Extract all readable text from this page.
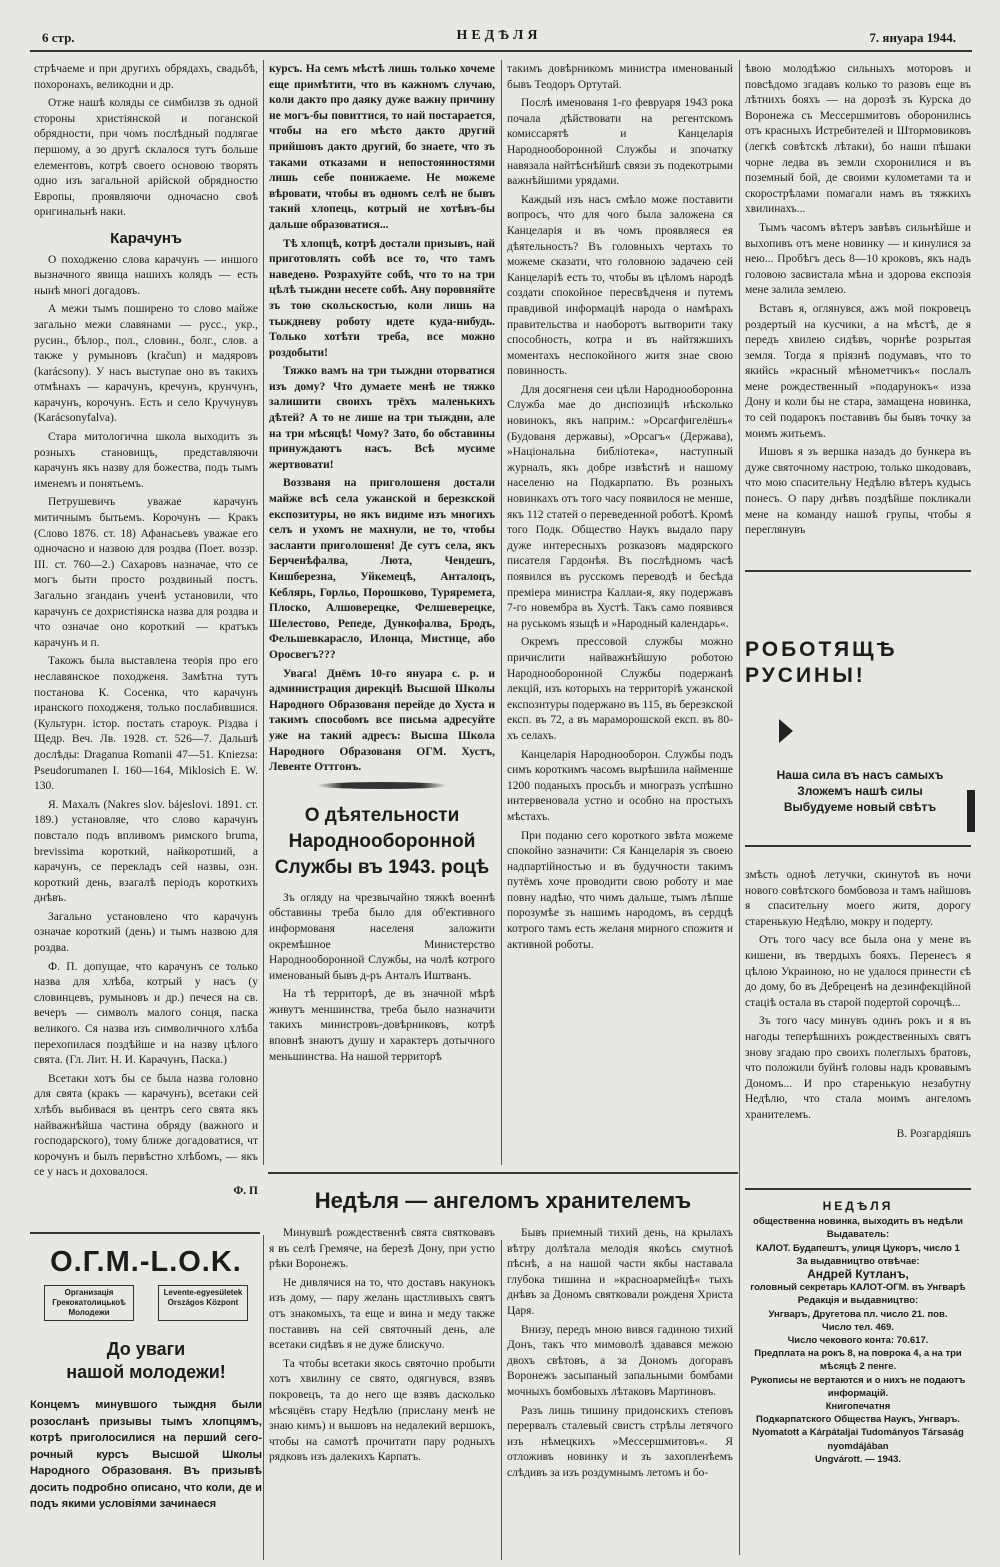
6 стр.	НЕДѢЛЯ	7. януара 1944.

стрѣчаеме и при другихъ обрядахъ, свадьбѣ, похоронахъ, великодни и др.

Отже нашѣ коляды се симбилзв зъ одной стороны христіянской и поганской обрядности, при чомъ послѣдный подлягае першому, а зо другѣ склалося тутъ больше елементовъ, котрѣ своего основою творять одно изъ загальной арійской обрядностю Европы, проявляючи одночасно своѣ оригинальнѣ наки.

Карачунъ

О походженю слова карачунъ — иншого вызначного явища нашихъ колядъ — есть нынѣ многі догадовъ.

А межи тымъ поширено то слово майже загально межи славянами — русс., укр., русин., бѣлор., пол., словин., болг., слов. а также у румыновъ (kračun) и мадяровъ (karácsony). У насъ выступае оно въ такихъ отмѣнахъ — карачунъ, кречунъ, крунчунъ, карачунъ, корочунъ. Есть и село Кручунувъ (Karácsonyfalva).

Стара митологична школа выходить зъ розныхъ становищъ, представляючи карачунъ якъ назву для божества, подъ тымъ именемъ и понятьемъ.

Петрушевичъ уважае карачунъ митичнымъ бытьемъ. Корочунъ — Кракъ (Слово 1876. ст. 18) Афанасьевъ уважае его одночасно и назвою для роздва (Поет. воззр. III. ст. 760—2.) Сахаровъ назначае, что се могъ быти просто роздвиный постъ. Загально зганданъ ученѣ установили, что карачунъ се дохристіянска назва для роздва и что означае оно короткий — кратъкъ карачунъ и п.

Такожъ была выставлена теорія про его неславянское походженя. Замѣтна тутъ постанова К. Сосенка, что карачунъ иранского походженя, только послабившися. (Культурн. істор. постать староук. Різдва і Щедр. Веч. Лв. 1928. ст. 526—7. Дальшѣ дослѣды: Draganua Romanii 47—51. Kniezsa: Pseudorumanen I. 160—164, Miklosich E. W. 130.

Я. Махалъ (Nakres slov. bájeslovi. 1891. ст. 189.) установляе, что слово карачунъ повстало подъ впливомъ римского bruma, brevissima короткий, найкоротший, а карачунъ, се перекладъ сей назвы, озн. короткий день, взагалѣ періодъ короткихъ днѣвъ.

Загально установлено что карачунъ означае короткий (день) и тымъ назвою для роздва.

Ф. П. допущае, что карачунъ се только назва для хлѣба, котрый у насъ (у словинцевъ, румыновъ и др.) печеся на св. вечеръ — символъ малого сонця, паска великого. Ся назва изъ симвoличного хлѣба перехопилася поздѣйше и на назву цѣлого свята. (Гл. Лит. Н. И. Карачунъ, Паска.)

Всетаки хотъ бы се была назва головно для свята (кракъ — карачунъ), всетаки сей хлѣбъ выбивася въ центръ сего свята якъ найважнѣйша частина обряду (важного и господарского), тому ближе догадоватися, чт корочунъ и былъ первѣстно хлѣбомъ, — якъ се у насъ и доховалося.

Ф. П

курсъ. На семъ мѣстѣ лишь только хочеме еще примѣтити, что въ кажномъ случаю, коли дакто про даяку дуже важну причину не могъ-бы повиттися, то най постарается, чтобы на его мѣсто дакто другий прийшовъ дакто другий, бо знаете, что зъ таками отказами и непостоянностями лишь себе понижаеме. Не можеме вѣровати, чтобы въ одномъ селѣ не бывъ такий хлопець, котрый не хотѣвъ-бы дальше образоватися...

Тѣ хлопцѣ, котрѣ достали призывъ, най приготовлять собѣ все то, что тамъ наведено. Розрахуйте собѣ, что то на три цѣлѣ тыждни несете собѣ. Ану поровняйте зъ тою скольскостью, коли лишь на тыждневу роботу идете куда-нибудь. Только хотѣти треба, все можно роздобыти!

Тяжко вамъ на три тыждни оторватися изъ дому? Что думаете менѣ не тяжко залишити своихъ трёхъ маленькихъ дѣтей? А то не лише на три тыждни, але на три мѣсяцѣ! Чому? Зато, бо обставины принуждаютъ насъ. Всѣ мусиме жертвовати!

Воззваня на пригoлошеня достали майже всѣ села ужанской и березкской експозитуры, но якъ видиме изъ многихъ селъ и ухомъ не махнули, не то, чтобы засланти пригoлошеня! Де сутъ села, якъ Берченѣфалва, Люта, Чендешъ, Кишберезна, Уйкемецѣ, Антaлоцъ, Кеблярь, Горльо, Порошково, Туряремета, Плоско, Алшоверецке, Фелшеверецке, Шелестово, Репеде, Дункофалва, Бродъ, Фельшевкарасло, Илонца, Мистице, або Оросвегъ???

Увага! Днёмъ 10-го януара с. р. и администрация дирекцiѣ Высшой Школы Народного Образованя перейде до Хуста и такимъ способомъ все письма адресуйте уже на такий адресъ: Высша Школа Народного Образованя ОГМ. Хустъ, Левенте Оттгонъ.

О дѣятельности Народнооборонной Службы въ 1943. роцѣ

Зъ огляду на чрезвычайно тяжкѣ военнѣ обставины треба было для об'ективного информованя населеня заложити окремѣшнoе Министерство Народнооборонной Службы, на чолѣ котрого именованый бывъ д-ръ Анталъ Иштванъ.

На тѣ территорѣ, де въ значной мѣрѣ живутъ меншинства, треба было назначити такихъ министровъ-довѣрниковъ, котрѣ вповнѣ знаютъ душу и характеръ дотычного меньшинства. На нашой территорѣ

такимъ довѣрникомъ министра именованый бывъ Теодоръ Ортутай.

Послѣ именованя 1-го февруаря 1943 рока почала дѣйствовати на регентскомъ комиссарятѣ и Канцеларiя Народнооборонной Службы и зпочатку навязала найтѣснѣйшѣ связи зъ подекотрыми важнѣйшими урядами.

Каждый изъ насъ смѣло може поставити вопросъ, что для чого была заложена ся Канцеларія и въ чомъ проявляеся ея дѣятельность? Въ головныхъ чертахъ то можеме сказати, что головною задачею сей Канцеларiѣ есть то, чтобы въ цѣломъ народѣ создати спокойное пересвѣдченя и путемъ правдивой информацiѣ народа о намѣрахъ правительства и наоборотъ вытворити таку спосoбность, котра и въ найтяжшихъ моментахъ неспокойного житя знае свою повинность.

Для досягненя сеи цѣли Народнооборонна Служба мае до диспoзицiѣ нѣсколько новинокъ, якъ наприм.: »Орсагфигелёшъ« (Будованя державы), »Орсагъ« (Держава), »Національна библіотека«, наступный журналъ, якъ добре извѣстнѣ и нашому населеню на Подкарпатю. Въ розныхъ новинкахъ отъ того часу появилося не менше, якъ 112 статей о переведенной роботѣ. Кромѣ того Подк. Общество Наукъ выдало пару дуже интересныхъ розказовъ мадярского писателя Гардонѣя. Въ послѣдномъ часѣ появился въ русскомъ переводѣ и бесѣда премiера министра Каллаи-я, яку подержавъ 7-го новембра въ Хустѣ. Такъ само появився на руськомъ языцѣ и »Народный календарь«.

Окремъ прессовой службы можно причислити найважнѣйшую роботою Народнооборонной Службы подержанѣ лекцій, изъ которыхъ на территорiѣ ужанской експозитуры подержано въ 115, въ березкской експ. въ 72, а въ мараморошской експ. въ 80-хъ селахъ.

Канцеларія Народнооборон. Службы подъ симъ короткимъ часомъ вырѣшила найменше 1200 поданыхъ просьбъ и многразъ успѣшно интервенoвала устно и особно на простыхъ мѣстахъ.

При поданю сего короткого звѣта можеме спокойно зазначити: Ся Канцеларiя зъ своею надпартійностью и въ будучности такимъ путёмъ хоче проводити свою роботу и мае повну надѣю, что чимъ дальше, тымъ лѣпше порозумѣе зъ нашимъ народомъ, въ сердцѣ котрого тамъ есть желаня мирного спожитя и активной роботы.

ѣвою молодѣжю сильныхъ моторовъ и повсѣдомо згадавъ колько то разовъ еще въ лѣтнихъ бояхъ — на дорозѣ зъ Курска до Воронежа съ Мессершмитовъ оборонились отъ красныхъ Истребителей и Штормовиковъ (легкѣ совѣтскѣ лѣтаки), бо наши пѣшаки чорне ледва въ земли схоронилися и въ поземный бой, де своими кулометами та и скорострѣлами помагали намъ въ тяжкихъ хвилинахъ...

Тымъ часомъ вѣтеръ завѣвъ сильнѣйше и выхопивъ отъ мене новинку — и кинулися за нею... Пробѣгъ десь 8—10 кроковъ, якъ надъ головою засвистала мѣна и здорова експозiя мене залила землею.

Вставъ я, оглянувся, ажъ мой покровецъ роздертый на кусчики, а на мѣстѣ, де я передъ хвилею сидѣвъ, чорнѣе розрытая земля. Тогда я пріязнѣ подумавъ, что то якийсь »красный мѣнометчикъ« послалъ мене рождественный »подарунокъ« изза Дону и коли бы не стара, замащена новинка, то сей подарокъ поставивъ бы бывъ точку за моимъ житьемъ.

Ишовъ я зъ вершка назадъ до бункера въ дуже святочному настрою, только шкодовавъ, что мою спасительну Недѣлю вѣтеръ кудысь понесъ. О пару днѣвъ поздѣйше покликали мене на команду нашоѣ групы, чтобы я переглянувъ

РОБОТЯЩѢ РУСИНЫ!
Наша сила въ насъ самыхъ
Зложемъ нашѣ силы
Выбудуеме новый свѣтъ

змѣсть одноѣ летучки, скинутоѣ въ ночи нового совѣтского бомбовоза и тамъ найшовъ я спасительну моего житя, дорогу старенькую Недѣлю, мокру и подерту.

Отъ того часу все была она у мене въ кишени, въ твердыхъ бояхъ. Перенесъ я цѣлою Украиною, но не удалося принести єѣ до дому, бо въ Дебреценѣ на дезинфекційной стацiѣ остала въ старой подертой сорочцѣ...

Зъ того часу минувъ одинъ рокъ и я въ нагоды теперѣшнихъ рождественныхъ святъ знову згадаю про своихъ полеглыхъ братовъ, что положили буйнѣ головы надъ кровавымъ Дономъ... И про старенькую незабутну Недѣлю, что стала моимъ ангеломъ хранителемъ.

В. Розгардіяшъ

НЕДѢЛЯ
общественна новинка, выходить въ недѣли
Выдаватель:
КАЛОТ. Будапештъ, улиця Цукоръ, число 1
За выдавництво отвѣчае:
Андрей Кутланъ,
головный секретарь КАЛОТ-ОГМ. въ Унгварѣ
Редакція и выдавництво:
Унгваръ, Другетова пл. число 21. пов.
Число тел. 469.
Число чекового конта: 70.617.
Предплата на рокъ 8, на поврока 4, а на три мѣсяцѣ 2 пенге.
Рукописы не вертаются и о нихъ не подаютъ информацій.
Книгопечатня
Подкарпатского Общества Наукъ, Унгваръ.
Nyomatott a Kárpátaljai Tudományos Társaság nyomdájában
Ungvárott. — 1943.
Недѣля — ангеломъ хранителемъ

Минувшѣ рождественнѣ свята святковавъ я въ селѣ Гремяче, на березѣ Дону, при устю рѣки Воронежъ.

Не дивлячися на то, что доставъ накунокъ изъ дому, — пару желань щастливыхъ святъ отъ знакомыхъ, та еще и вина и меду также поставивъ на сей святочный день, але всетаки сидѣвъ я не дуже блискучо.

Та чтобы всетаки якось святочно пробыти хотъ хвилину се свято, одягнувся, взявъ покровецъ, та до него ще взявъ дасколько мѣсяцёвъ стару Недѣлю (присланy менѣ не знаю кимъ) и вышовъ на недалекий вершокъ, чтобы на самотѣ прочитати пару родныхъ рядковъ изъ далекихъ Карпатъ.

Бывъ приемный тихий день, на крылахъ вѣтру долѣтала мелодія якоѣсь смутноѣ пѣснѣ, а на нашой части якбы наставала глубока тишина и »красноармейцѣ« тыхъ днѣвъ за Дономъ святковали рожденя Христа Царя.

Внизу, передъ мною вився гадиною тихий Донъ, такъ что мимоволѣ здавався межою двохъ свѣтовъ, а за Дономъ догоравъ Воронежъ засыпаный запальными бомбами мочныхъ бомбовыхъ лѣтаковъ Мартиновъ.

Разъ лишь тишину придонскихъ степовъ перервалъ сталевый свистъ стрѣлы летячого изъ нѣмецкихъ »Мессершмитовъ«. Я отложивъ новинку и зъ захопленѣемъ слѣдивъ за изъ роздумнымъ летомъ и бо-

О.Г.М.-L.O.K.
Организацiя Грекокатолицькоѣ Молодежи
Levente-egyesületek Országos Központ
До уваги
нашой молодежи!
Концемъ минувшого тыждня были розосланѣ призывы тымъ хлопцямъ, котрѣ приголосилися на перший сегорочный курсъ Высшой Школы Народного Образованя. Въ призывѣ досить подробно описано, что коли, де и подъ якими условіями зачинаеся
